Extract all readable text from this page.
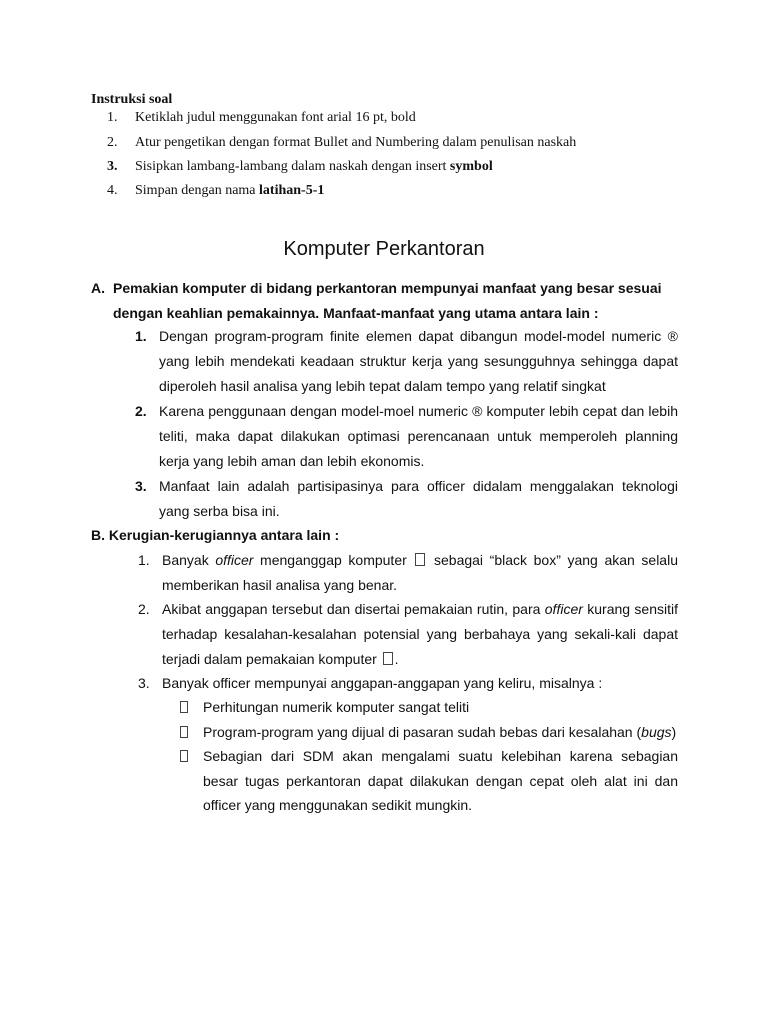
Instruksi soal
1. Ketiklah judul menggunakan font arial 16 pt, bold
2. Atur pengetikan dengan format Bullet and Numbering dalam penulisan naskah
3. Sisipkan lambang-lambang dalam naskah dengan insert symbol
4. Simpan dengan nama latihan-5-1
Komputer Perkantoran
A. Pemakian komputer di bidang perkantoran mempunyai manfaat yang besar sesuai
dengan keahlian pemakainnya. Manfaat-manfaat yang utama antara lain :
1. Dengan program-program finite elemen dapat dibangun model-model numeric ® yang lebih mendekati keadaan struktur kerja yang sesungguhnya sehingga dapat diperoleh hasil analisa yang lebih tepat dalam tempo yang relatif singkat
2. Karena penggunaan dengan model-moel numeric ® komputer lebih cepat dan lebih teliti, maka dapat dilakukan optimasi perencanaan untuk memperoleh planning kerja yang lebih aman dan lebih ekonomis.
3. Manfaat lain adalah partisipasinya para officer didalam menggalakan teknologi yang serba bisa ini.
B. Kerugian-kerugiannya antara lain :
1. Banyak officer menganggap komputer  sebagai “black box” yang akan selalu memberikan hasil analisa yang benar.
2. Akibat anggapan tersebut dan disertai pemakaian rutin, para officer kurang sensitif terhadap kesalahan-kesalahan potensial yang berbahaya yang sekali-kali dapat terjadi dalam pemakaian komputer .
3. Banyak officer mempunyai anggapan-anggapan yang keliru, misalnya :
Perhitungan numerik komputer sangat teliti
Program-program yang dijual di pasaran sudah bebas dari kesalahan (bugs)
Sebagian dari SDM akan mengalami suatu kelebihan karena sebagian besar tugas perkantoran dapat dilakukan dengan cepat oleh alat ini dan officer yang menggunakan sedikit mungkin.
